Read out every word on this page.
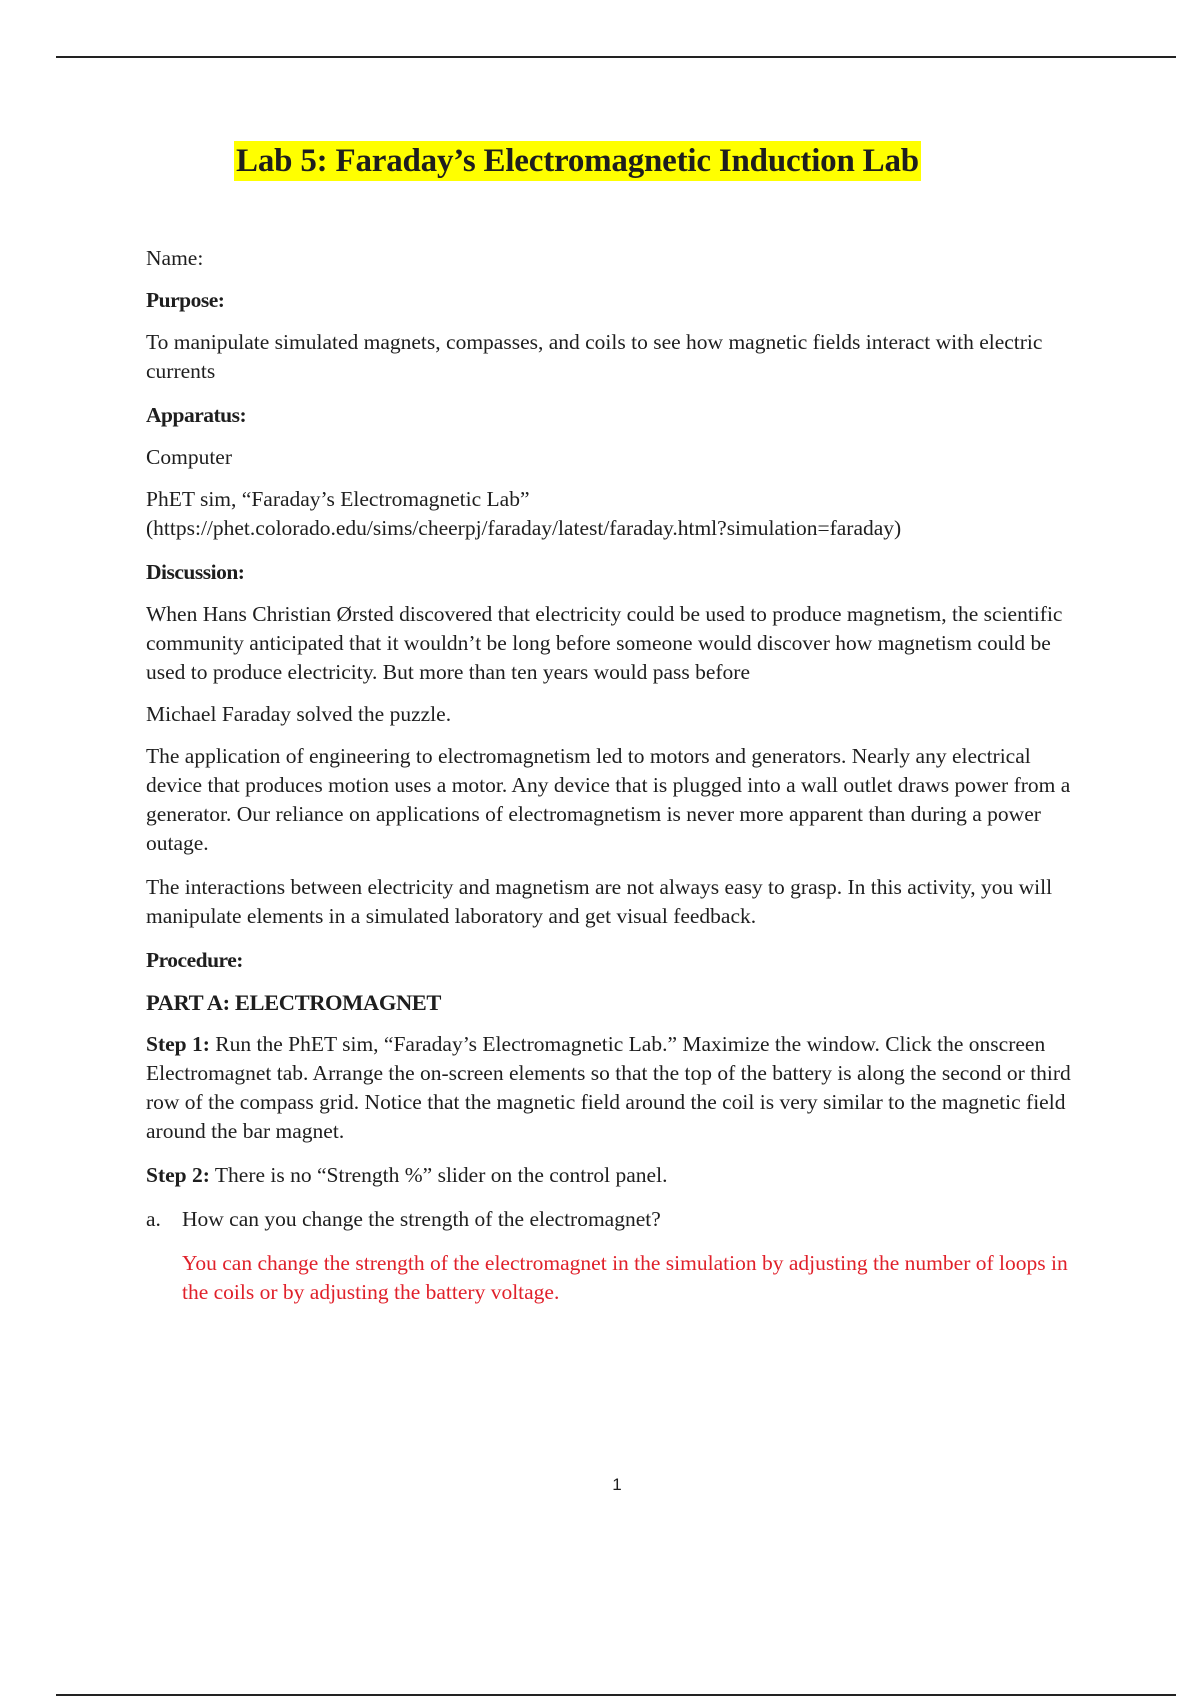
Lab 5: Faraday’s Electromagnetic Induction Lab

Name:

Purpose:

To manipulate simulated magnets, compasses, and coils to see how magnetic fields interact with electric currents

Apparatus:

Computer

PhET sim, “Faraday’s Electromagnetic Lab”

(https://phet.colorado.edu/sims/cheerpj/faraday/latest/faraday.html?simulation=faraday)

Discussion:

When Hans Christian Ørsted discovered that electricity could be used to produce magnetism, the scientific community anticipated that it wouldn’t be long before someone would discover how magnetism could be used to produce electricity. But more than ten years would pass before

Michael Faraday solved the puzzle.

The application of engineering to electromagnetism led to motors and generators. Nearly any electrical device that produces motion uses a motor. Any device that is plugged into a wall outlet draws power from a generator. Our reliance on applications of electromagnetism is never more apparent than during a power outage.

The interactions between electricity and magnetism are not always easy to grasp. In this activity, you will manipulate elements in a simulated laboratory and get visual feedback.

Procedure:

PART A: ELECTROMAGNET

Step 1: Run the PhET sim, “Faraday’s Electromagnetic Lab.” Maximize the window. Click the onscreen Electromagnet tab. Arrange the on-screen elements so that the top of the battery is along the second or third row of the compass grid. Notice that the magnetic field around the coil is very similar to the magnetic field around the bar magnet.

Step 2: There is no “Strength %” slider on the control panel.

a. How can you change the strength of the electromagnet?

You can change the strength of the electromagnet in the simulation by adjusting the number of loops in the coils or by adjusting the battery voltage.

1
